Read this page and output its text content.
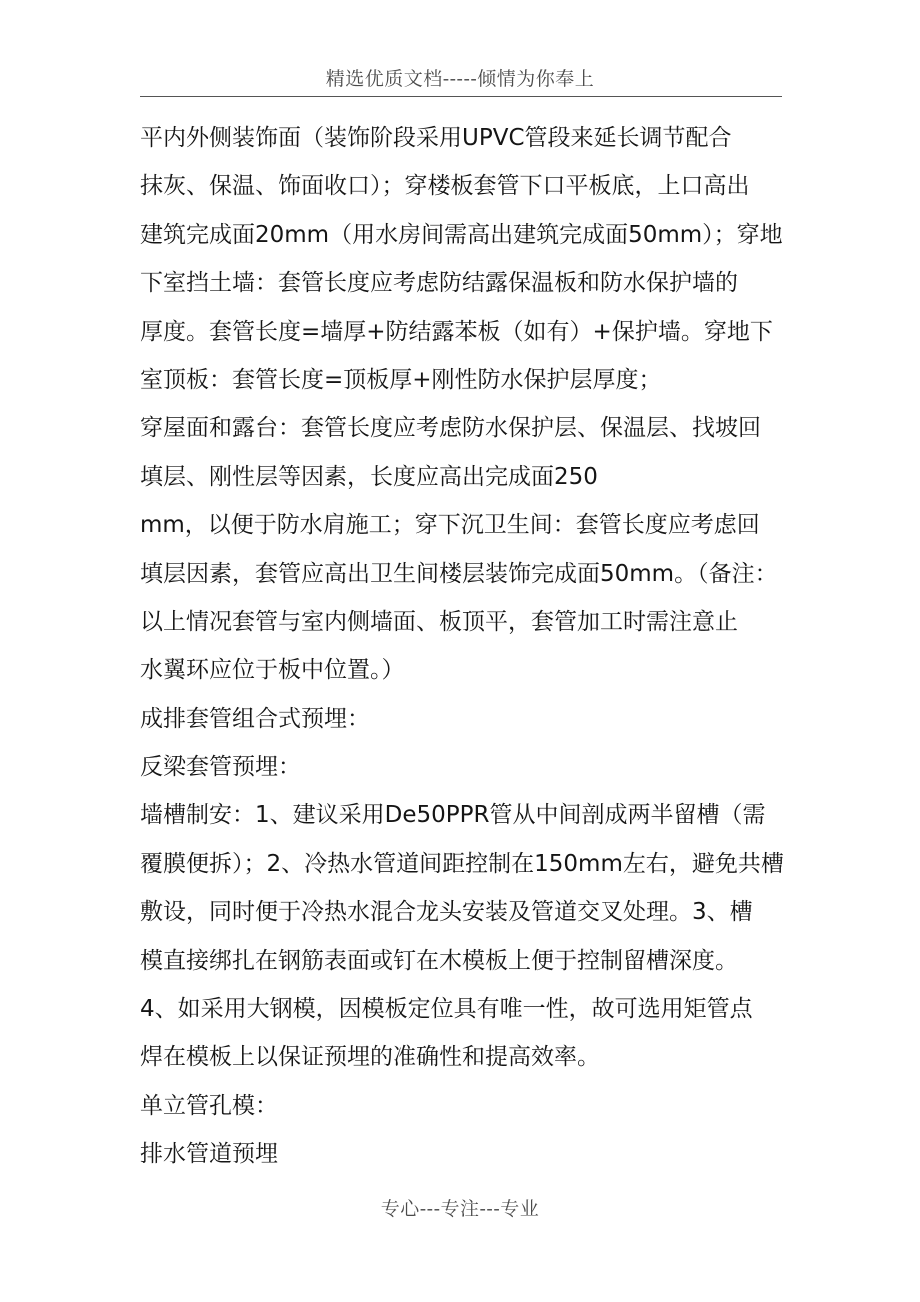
精选优质文档-----倾情为你奉上
平内外侧装饰面（装饰阶段采用UPVC管段来延长调节配合
抹灰、保温、饰面收口）；穿楼板套管下口平板底，上口高出
建筑完成面20mm（用水房间需高出建筑完成面50mm）；穿地
下室挡土墙：套管长度应考虑防结露保温板和防水保护墙的
厚度。套管长度=墙厚+防结露苯板（如有）+保护墙。穿地下
室顶板：套管长度=顶板厚+刚性防水保护层厚度；
穿屋面和露台：套管长度应考虑防水保护层、保温层、找坡回
填层、刚性层等因素，长度应高出完成面250
mm，以便于防水肩施工；穿下沉卫生间：套管长度应考虑回
填层因素，套管应高出卫生间楼层装饰完成面50mm。（备注：
以上情况套管与室内侧墙面、板顶平，套管加工时需注意止
水翼环应位于板中位置。）
成排套管组合式预埋：
反梁套管预埋：
墙槽制安：1、建议采用De50PPR管从中间剖成两半留槽（需
覆膜便拆）；2、冷热水管道间距控制在150mm左右，避免共槽
敷设，同时便于冷热水混合龙头安装及管道交叉处理。3、槽
模直接绑扎在钢筋表面或钉在木模板上便于控制留槽深度。
4、如采用大钢模，因模板定位具有唯一性，故可选用矩管点
焊在模板上以保证预埋的准确性和提高效率。
单立管孔模：
排水管道预埋
专心---专注---专业
